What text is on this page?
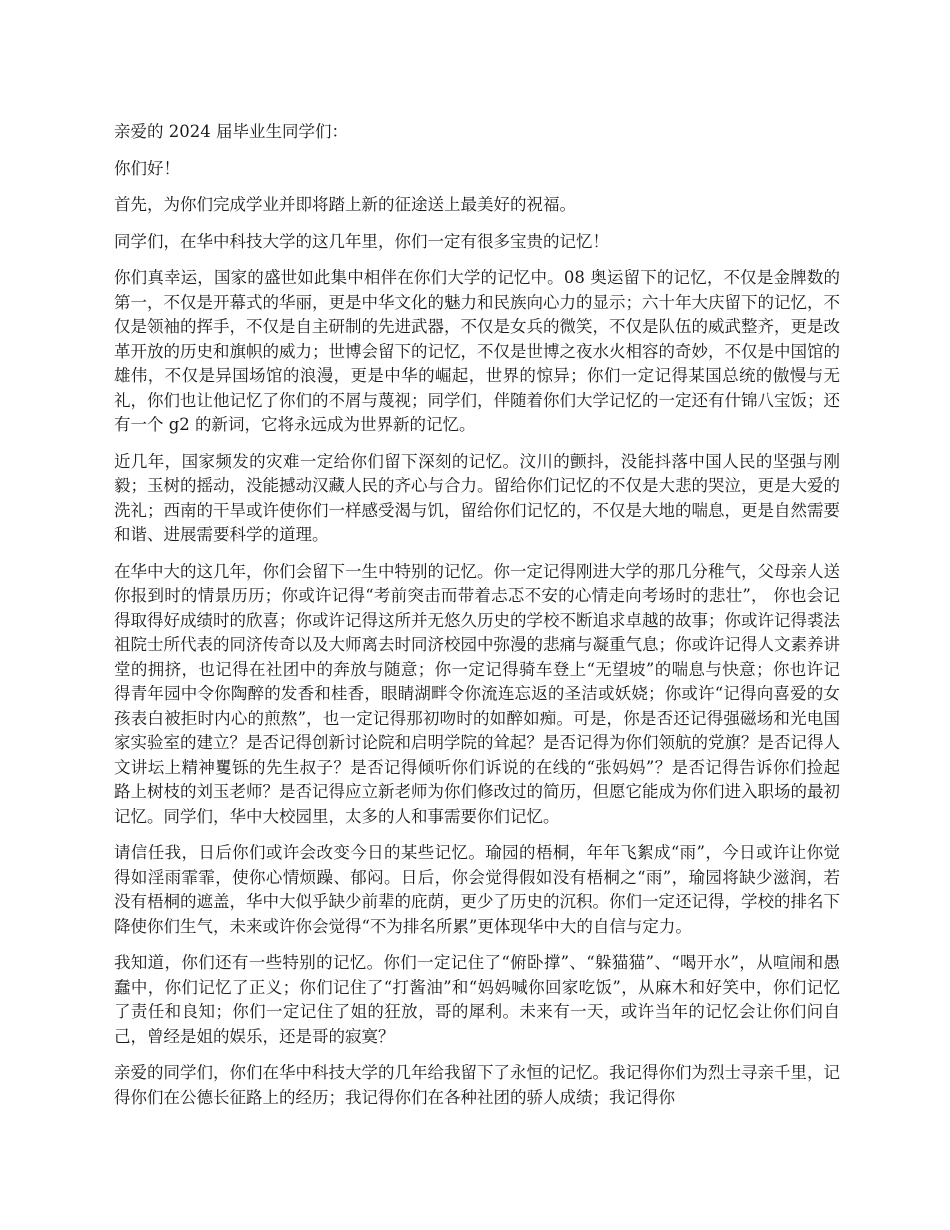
亲爱的 2024 届毕业生同学们：

你们好！

首先，为你们完成学业并即将踏上新的征途送上最美好的祝福。

同学们，在华中科技大学的这几年里，你们一定有很多宝贵的记忆！

你们真幸运，国家的盛世如此集中相伴在你们大学的记忆中。08 奥运留下的记忆，不仅是金牌数的第一，不仅是开幕式的华丽，更是中华文化的魅力和民族向心力的显示；六十年大庆留下的记忆，不仅是领袖的挥手，不仅是自主研制的先进武器，不仅是女兵的微笑，不仅是队伍的威武整齐，更是改革开放的历史和旗帜的威力；世博会留下的记忆，不仅是世博之夜水火相容的奇妙，不仅是中国馆的雄伟，不仅是异国场馆的浪漫，更是中华的崛起，世界的惊异；你们一定记得某国总统的傲慢与无礼，你们也让他记忆了你们的不屑与蔑视；同学们，伴随着你们大学记忆的一定还有什锦八宝饭；还有一个 g2 的新词，它将永远成为世界新的记忆。

近几年，国家频发的灾难一定给你们留下深刻的记忆。汶川的颤抖，没能抖落中国人民的坚强与刚毅；玉树的摇动，没能撼动汉藏人民的齐心与合力。留给你们记忆的不仅是大悲的哭泣，更是大爱的洗礼；西南的干旱或许使你们一样感受渴与饥，留给你们记忆的，不仅是大地的喘息，更是自然需要和谐、进展需要科学的道理。

在华中大的这几年，你们会留下一生中特别的记忆。你一定记得刚进大学的那几分稚气，父母亲人送你报到时的情景历历；你或许记得“考前突击而带着忐忑不安的心情走向考场时的悲壮”， 你也会记得取得好成绩时的欣喜；你或许记得这所并无悠久历史的学校不断追求卓越的故事；你或许记得裘法祖院士所代表的同济传奇以及大师离去时同济校园中弥漫的悲痛与凝重气息；你或许记得人文素养讲堂的拥挤，也记得在社团中的奔放与随意；你一定记得骑车登上“无望坡”的喘息与快意；你也许记得青年园中令你陶醉的发香和桂香，眼睛湖畔令你流连忘返的圣洁或妖娆；你或许“记得向喜爱的女孩表白被拒时内心的煎熬”，也一定记得那初吻时的如醉如痴。可是，你是否还记得强磁场和光电国家实验室的建立？是否记得创新讨论院和启明学院的耸起？是否记得为你们领航的党旗？是否记得人文讲坛上精神矍铄的先生叔子？是否记得倾听你们诉说的在线的“张妈妈”？是否记得告诉你们捡起路上树枝的刘玉老师？是否记得应立新老师为你们修改过的简历，但愿它能成为你们进入职场的最初记忆。同学们，华中大校园里，太多的人和事需要你们记忆。

请信任我，日后你们或许会改变今日的某些记忆。瑜园的梧桐，年年飞絮成“雨”，今日或许让你觉得如淫雨霏霏，使你心情烦躁、郁闷。日后，你会觉得假如没有梧桐之“雨”，瑜园将缺少滋润，若没有梧桐的遮盖，华中大似乎缺少前辈的庇荫，更少了历史的沉积。你们一定还记得，学校的排名下降使你们生气，未来或许你会觉得“不为排名所累”更体现华中大的自信与定力。

我知道，你们还有一些特别的记忆。你们一定记住了“俯卧撑”、“躲猫猫”、“喝开水”，从喧闹和愚蠢中，你们记忆了正义；你们记住了“打酱油”和“妈妈喊你回家吃饭”，从麻木和好笑中，你们记忆了责任和良知；你们一定记住了姐的狂放，哥的犀利。未来有一天，或许当年的记忆会让你们问自己，曾经是姐的娱乐，还是哥的寂寞？

亲爱的同学们，你们在华中科技大学的几年给我留下了永恒的记忆。我记得你们为烈士寻亲千里，记得你们在公德长征路上的经历；我记得你们在各种社团的骄人成绩；我记得你
